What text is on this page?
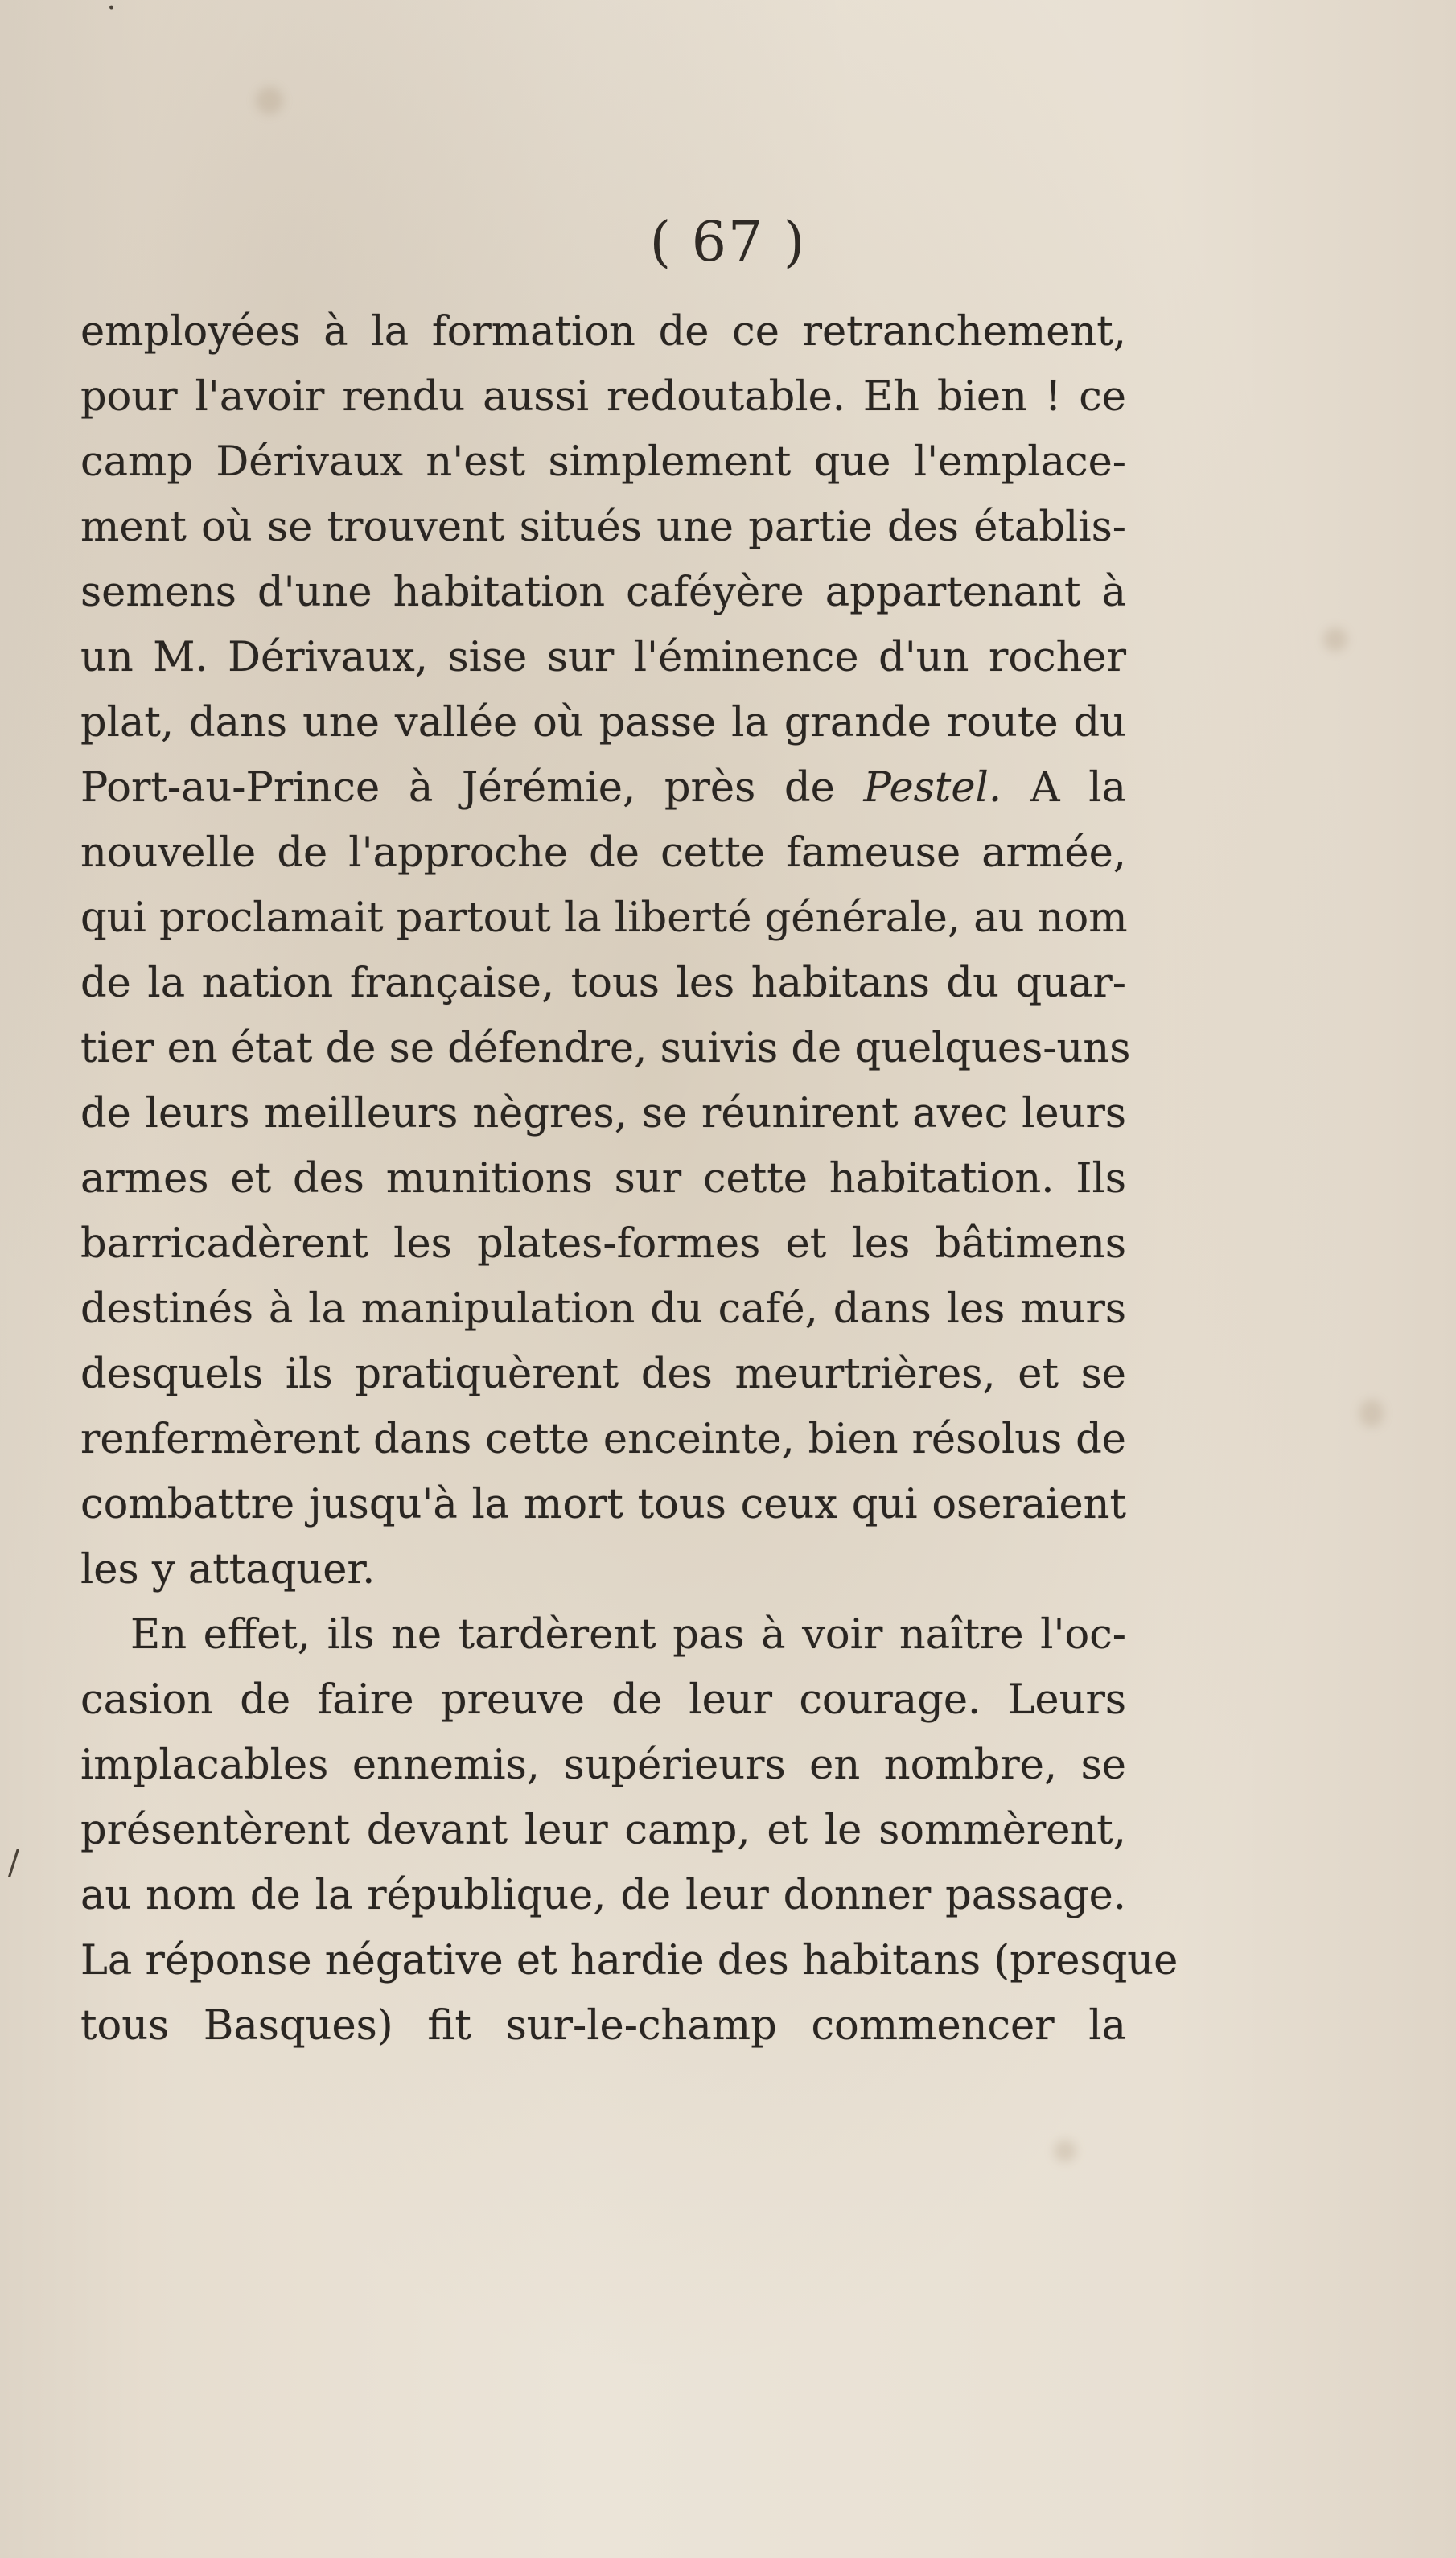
˙
/
( 67 )
employées à la formation de ce retranchement,
pour l'avoir rendu aussi redoutable. Eh bien ! ce
camp Dérivaux n'est simplement que l'emplace-
ment où se trouvent situés une partie des établis-
semens d'une habitation caféyère appartenant à
un M. Dérivaux, sise sur l'éminence d'un rocher
plat, dans une vallée où passe la grande route du
Port-au-Prince à Jérémie, près de Pestel. A la
nouvelle de l'approche de cette fameuse armée,
qui proclamait partout la liberté générale, au nom
de la nation française, tous les habitans du quar-
tier en état de se défendre, suivis de quelques-uns
de leurs meilleurs nègres, se réunirent avec leurs
armes et des munitions sur cette habitation. Ils
barricadèrent les plates-formes et les bâtimens
destinés à la manipulation du café, dans les murs
desquels ils pratiquèrent des meurtrières, et se
renfermèrent dans cette enceinte, bien résolus de
combattre jusqu'à la mort tous ceux qui oseraient
les y attaquer.
En effet, ils ne tardèrent pas à voir naître l'oc-
casion de faire preuve de leur courage. Leurs
implacables ennemis, supérieurs en nombre, se
présentèrent devant leur camp, et le sommèrent,
au nom de la république, de leur donner passage.
La réponse négative et hardie des habitans (presque
tous Basques) fit sur-le-champ commencer la
